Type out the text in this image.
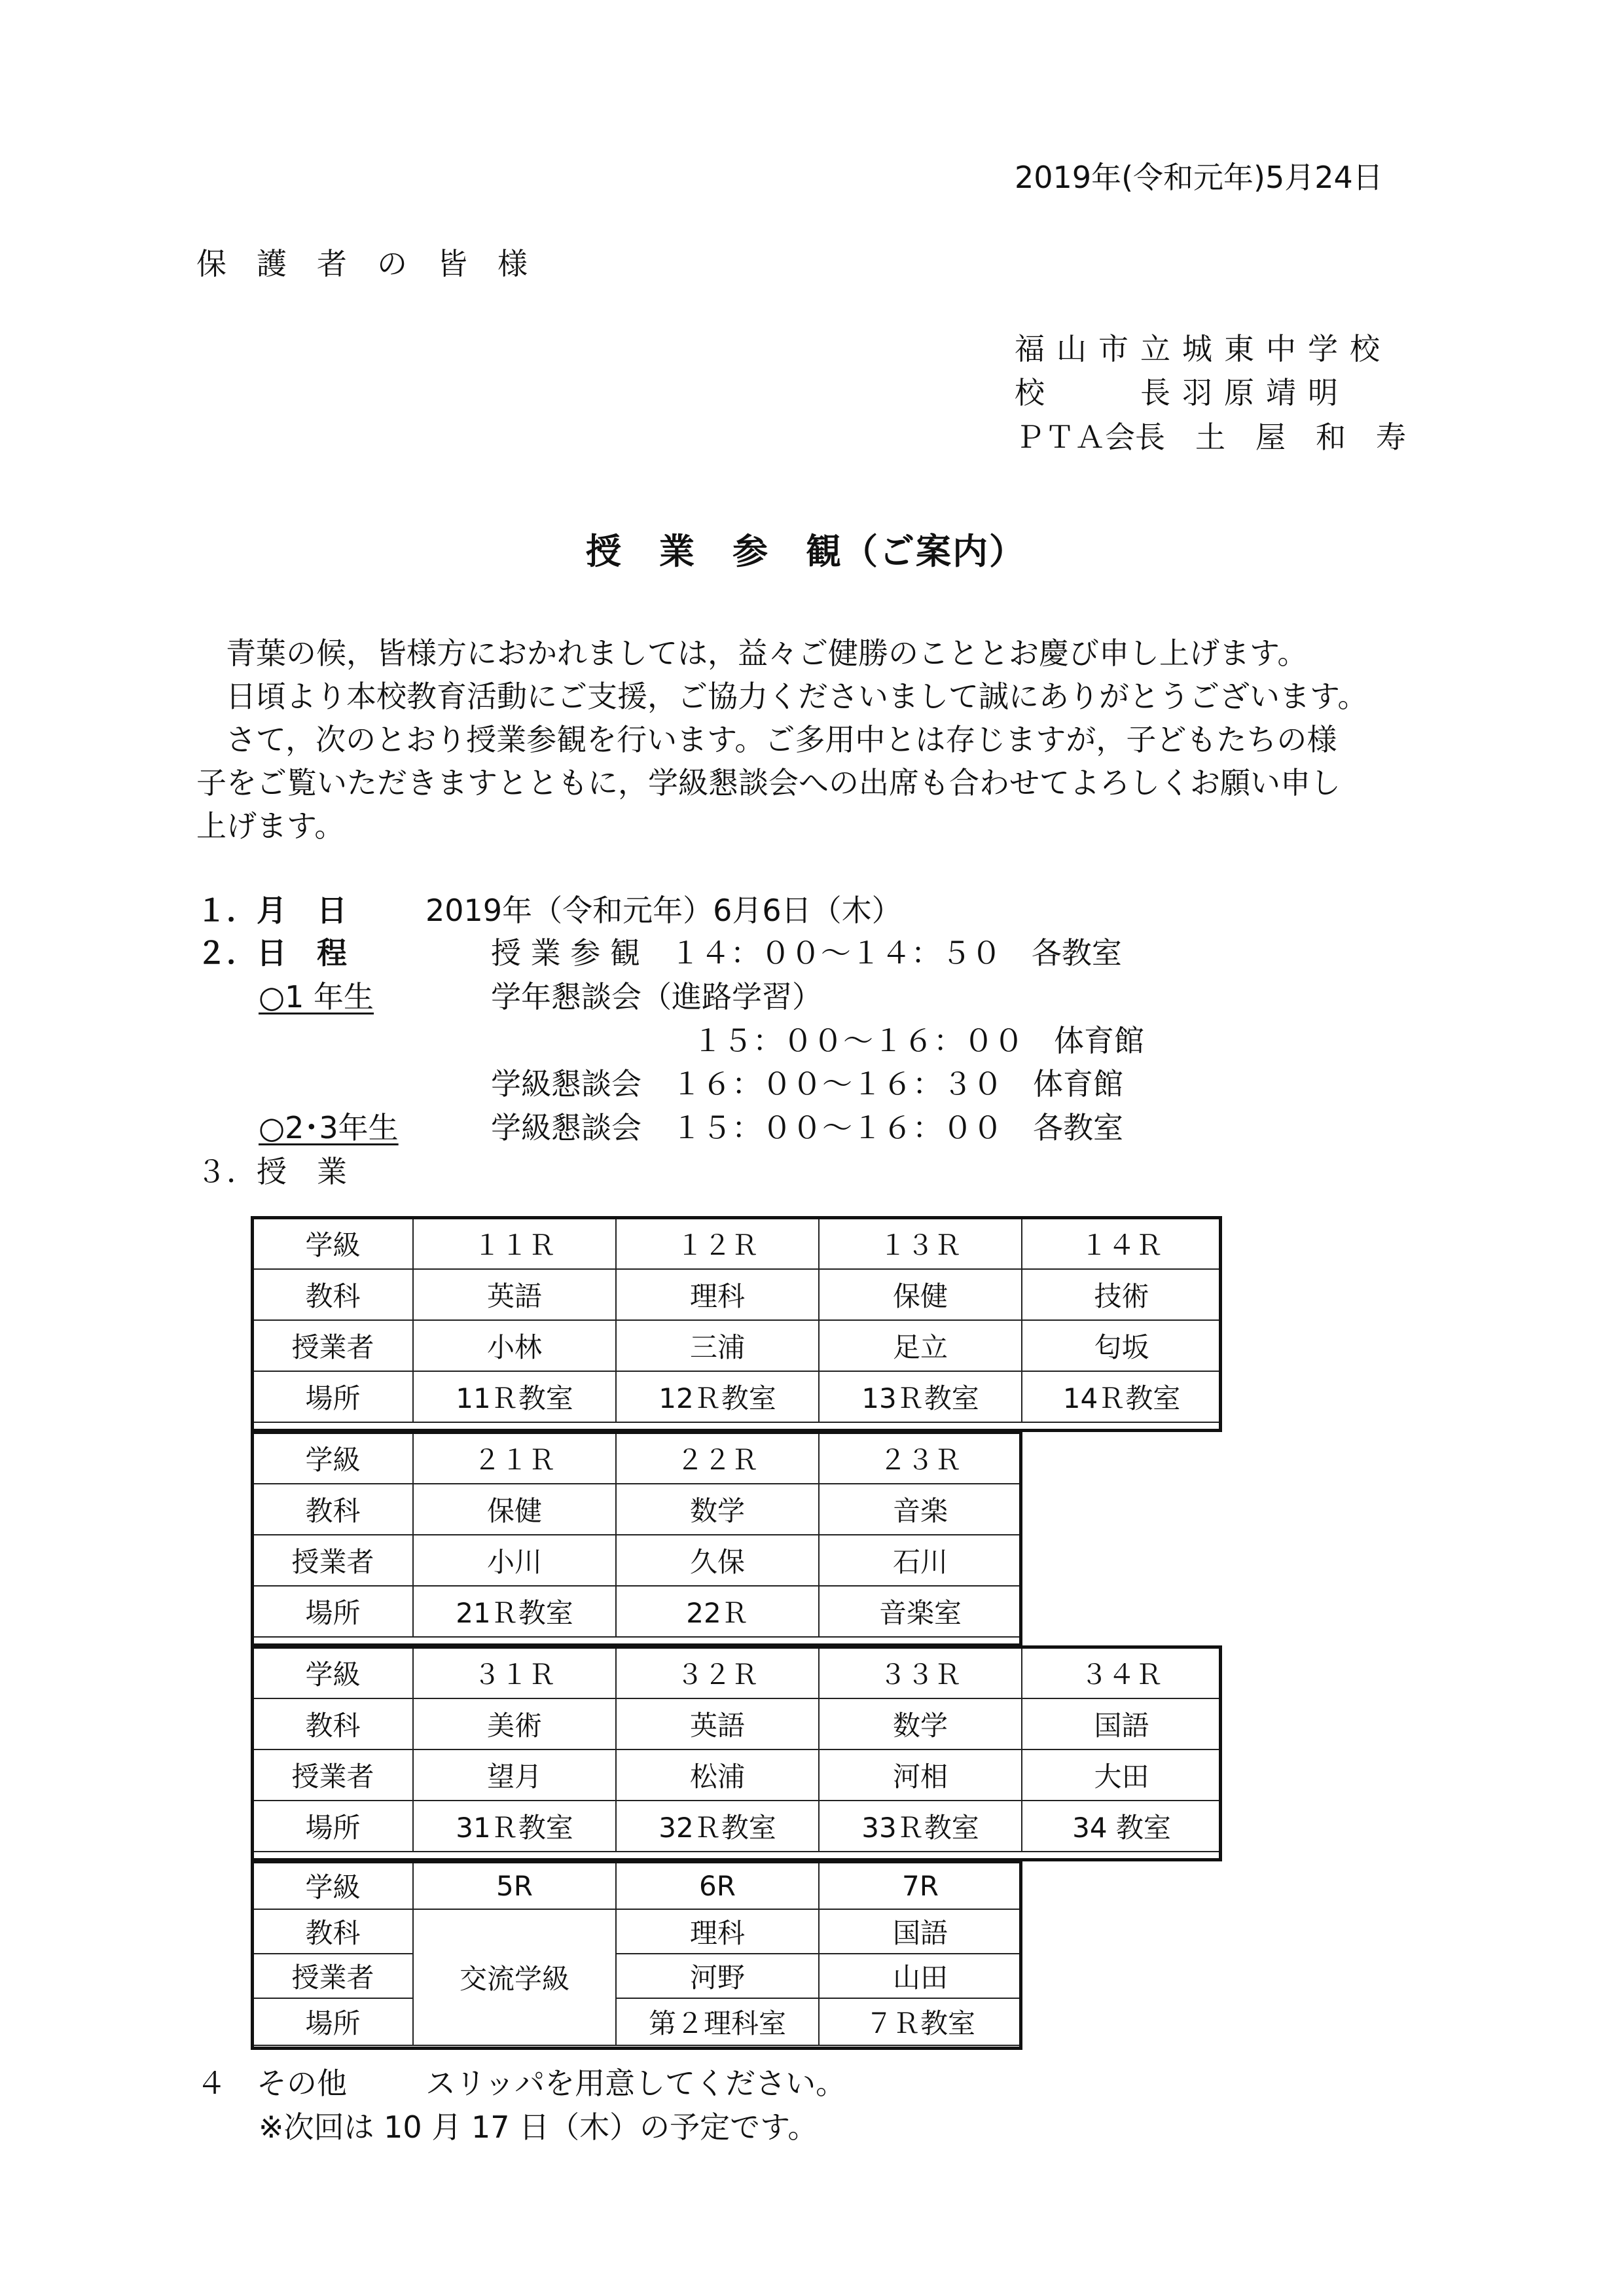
2019年(令和元年)5月24日
保 護 者 の 皆 様
福山市立城東中学校
校　　長羽原靖明
ＰＴＡ会長　土　屋　和　寿
授　業　参　観（ご案内）
青葉の候，皆様方におかれましては，益々ご健勝のこととお慶び申し上げます。
日頃より本校教育活動にご支援，ご協力くださいまして誠にありがとうございます。
さて，次のとおり授業参観を行います。ご多用中とは存じますが，子どもたちの様
子をご覧いただきますとともに，学級懇談会への出席も合わせてよろしくお願い申し
上げます。
１．月　日	2019年（令和元年）6月6日（木）
２．日　程	授 業 参 観　１４：００～１４：５０　各教室
○1 年生	学年懇談会（進路学習）
１５：００～１６：００　体育館
学級懇談会　１６：００～１６：３０　体育館
○2･3年生	学級懇談会　１５：００～１６：００　各教室
３．授　業
学級	１１Ｒ	１２Ｒ	１３Ｒ	１４Ｒ
教科	英語	理科	保健	技術
授業者	小林	三浦	足立	匂坂
場所	11Ｒ教室	12Ｒ教室	13Ｒ教室	14Ｒ教室
学級	２１Ｒ	２２Ｒ	２３Ｒ
教科	保健	数学	音楽
授業者	小川	久保	石川
場所	21Ｒ教室	22Ｒ	音楽室
学級	３１Ｒ	３２Ｒ	３３Ｒ	３４Ｒ
教科	美術	英語	数学	国語
授業者	望月	松浦	河相	大田
場所	31Ｒ教室	32Ｒ教室	33Ｒ教室	34 教室
学級	5R	6R	7R
教科	交流学級	理科	国語
授業者		河野	山田
場所		第２理科室	７Ｒ教室
４　その他	スリッパを用意してください。
※次回は 10 月 17 日（木）の予定です。
